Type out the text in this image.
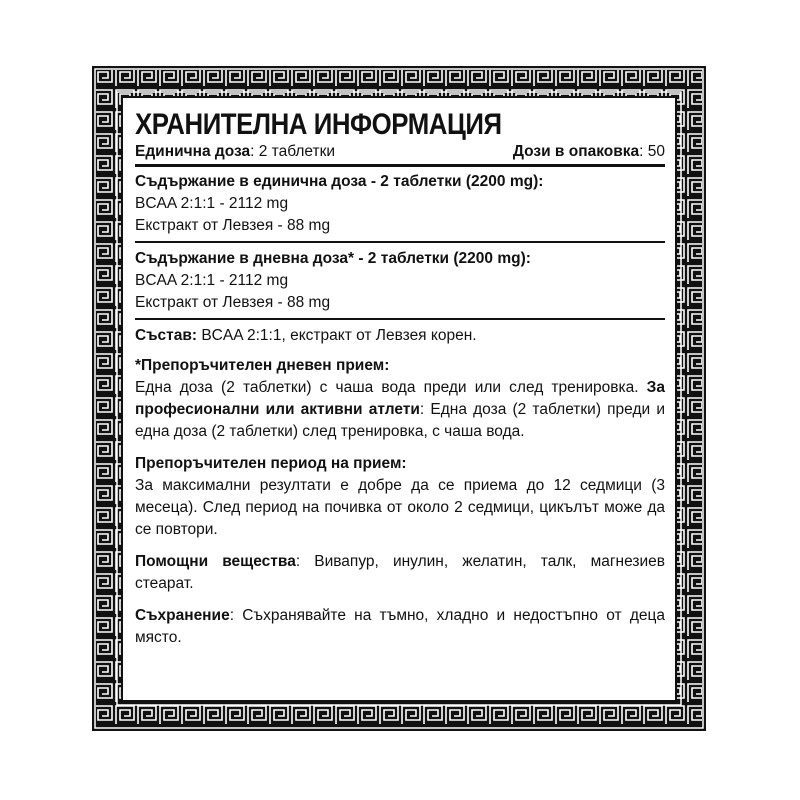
ХРАНИТЕЛНА ИНФОРМАЦИЯ
Единична доза: 2 таблетки	Дози в опаковка: 50
Съдържание в единична доза - 2 таблетки (2200 mg):
BCAA 2:1:1 - 2112 mg
Екстракт от Левзея - 88 mg
Съдържание в дневна доза* - 2 таблетки (2200 mg):
BCAA 2:1:1 - 2112 mg
Екстракт от Левзея - 88 mg
Състав: BCAA 2:1:1, екстракт от Левзея корен.
*Препоръчителен дневен прием:
Една доза (2 таблетки) с чаша вода преди или след тренировка. За професионални или активни атлети: Една доза (2 таблетки) преди и една доза (2 таблетки) след тренировка, с чаша вода.
Препоръчителен период на прием:
За максимални резултати е добре да се приема до 12 седмици (3 месеца). След период на почивка от около 2 седмици, цикълът може да се повтори.
Помощни вещества: Вивапур, инулин, желатин, талк, магнезиев стеарат.
Съхранение: Съхранявайте на тъмно, хладно и недостъпно от деца място.
